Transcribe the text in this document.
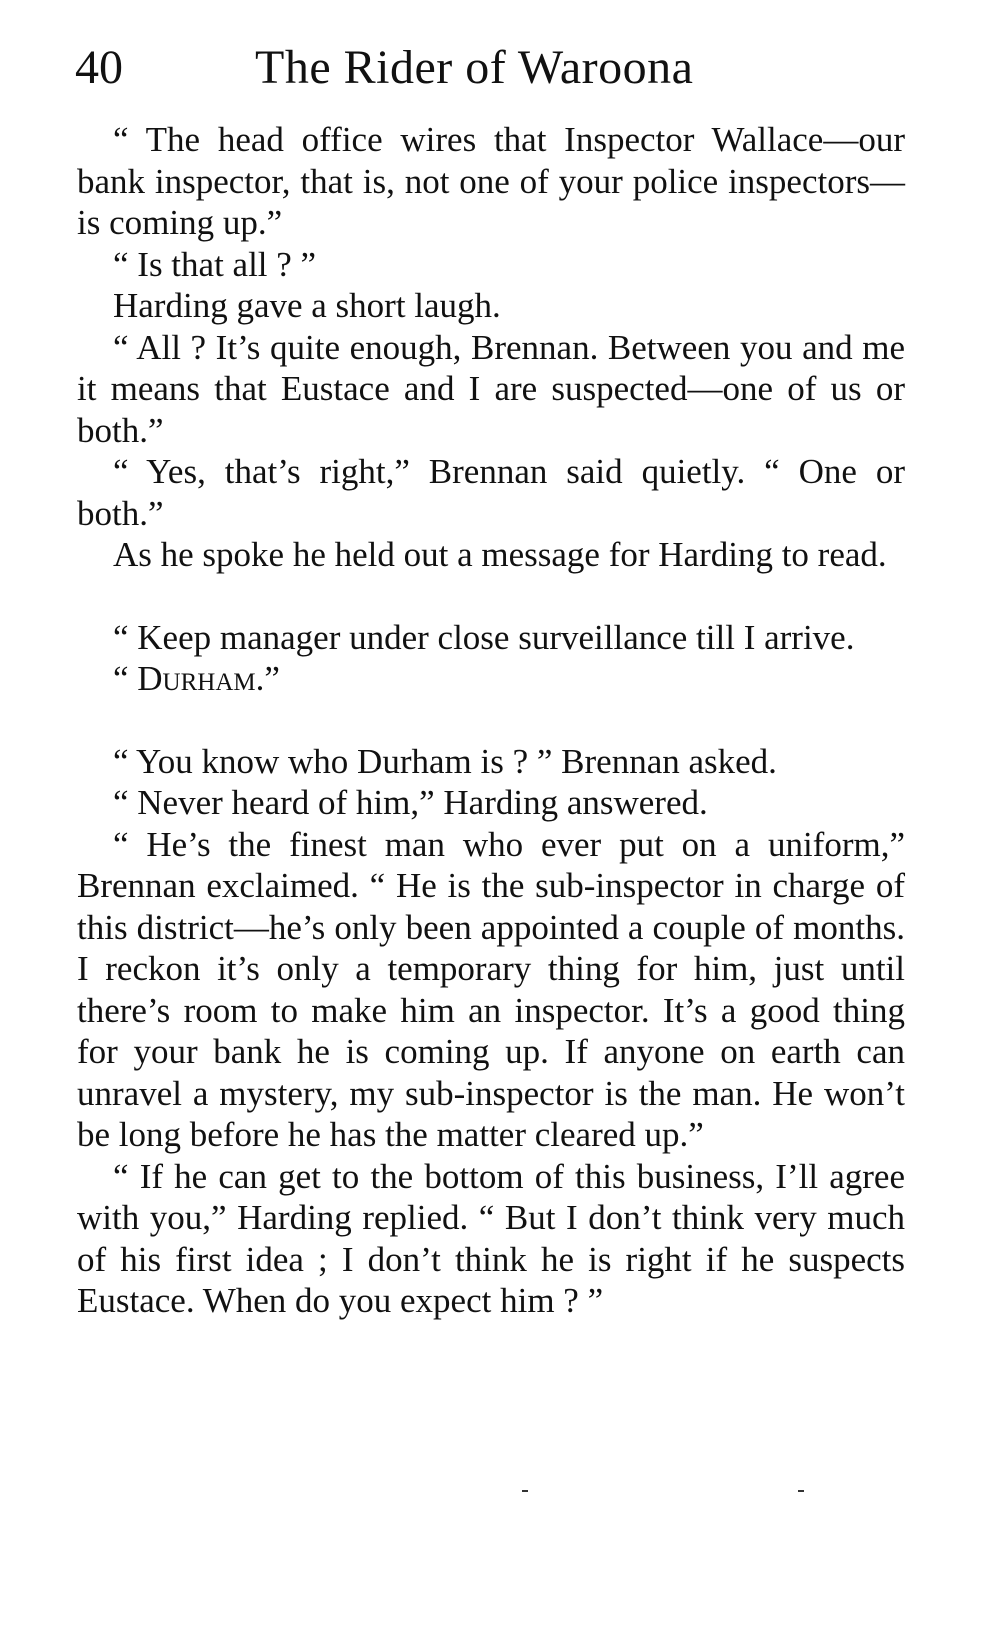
40	The Rider of Waroona

“ The head office wires that Inspector Wallace—our bank inspector, that is, not one of your police inspectors—is coming up.”

“ Is that all ? ”

Harding gave a short laugh.

“ All ? It’s quite enough, Brennan. Between you and me it means that Eustace and I are suspected—one of us or both.”

“ Yes, that’s right,” Brennan said quietly. “ One or both.”

As he spoke he held out a message for Harding to read.

“ Keep manager under close surveillance till I arrive.

“ Durham.”

“ You know who Durham is ? ” Brennan asked.

“ Never heard of him,” Harding answered.

“ He’s the finest man who ever put on a uniform,” Brennan exclaimed. “ He is the sub-inspector in charge of this district—he’s only been appointed a couple of months. I reckon it’s only a temporary thing for him, just until there’s room to make him an inspector. It’s a good thing for your bank he is coming up. If anyone on earth can unravel a mystery, my sub-inspector is the man. He won’t be long before he has the matter cleared up.”

“ If he can get to the bottom of this business, I’ll agree with you,” Harding replied. “ But I don’t think very much of his first idea ; I don’t think he is right if he suspects Eustace. When do you expect him ? ”
